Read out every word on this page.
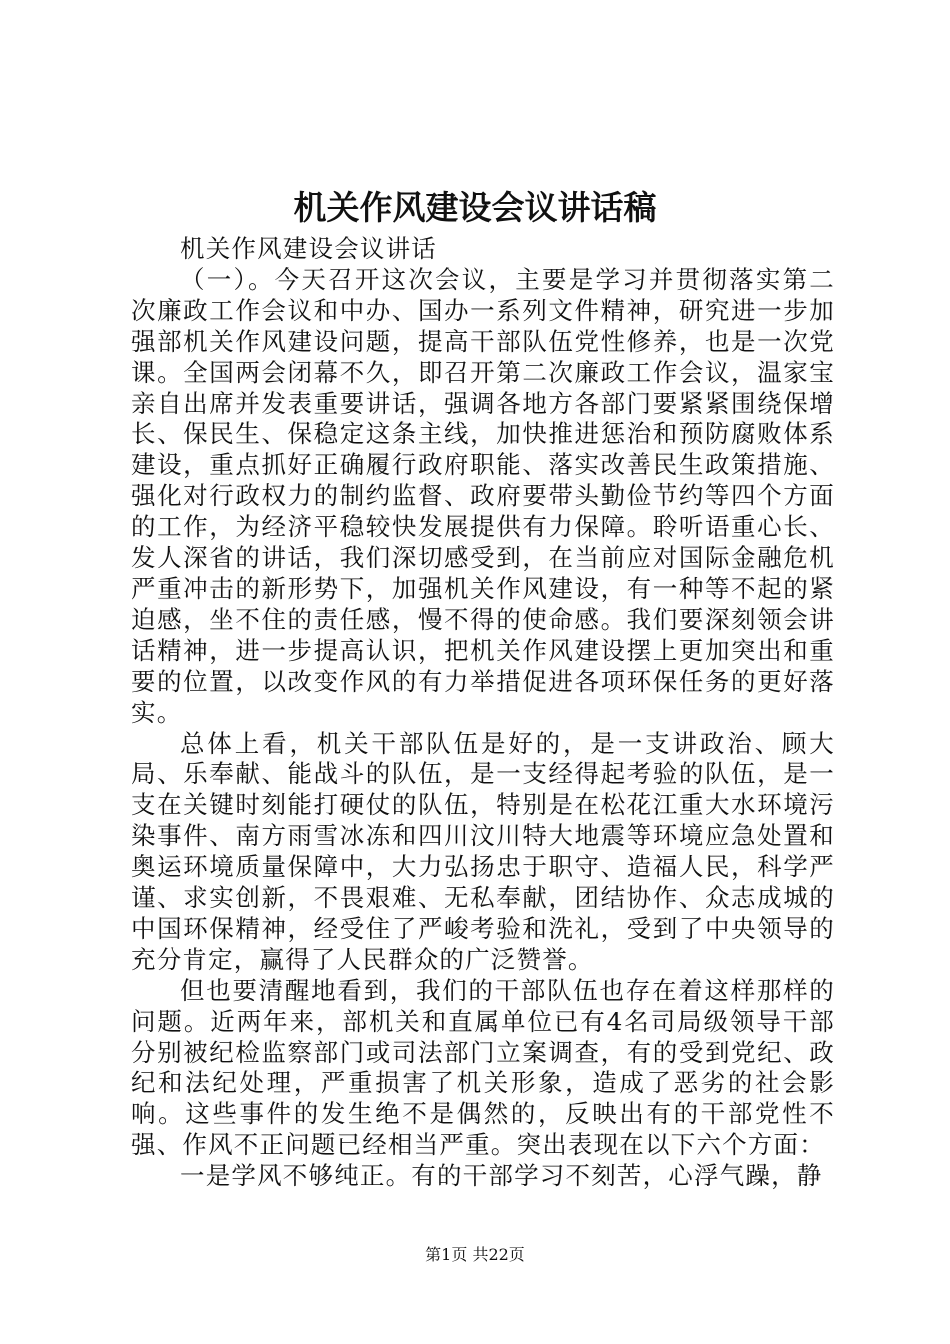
机关作风建设会议讲话稿

机关作风建设会议讲话

（一）。今天召开这次会议，主要是学习并贯彻落实第二次廉政工作会议和中办、国办一系列文件精神，研究进一步加强部机关作风建设问题，提高干部队伍党性修养，也是一次党课。全国两会闭幕不久，即召开第二次廉政工作会议，温家宝亲自出席并发表重要讲话，强调各地方各部门要紧紧围绕保增长、保民生、保稳定这条主线，加快推进惩治和预防腐败体系建设，重点抓好正确履行政府职能、落实改善民生政策措施、强化对行政权力的制约监督、政府要带头勤俭节约等四个方面的工作，为经济平稳较快发展提供有力保障。聆听语重心长、发人深省的讲话，我们深切感受到，在当前应对国际金融危机严重冲击的新形势下，加强机关作风建设，有一种等不起的紧迫感，坐不住的责任感，慢不得的使命感。我们要深刻领会讲话精神，进一步提高认识，把机关作风建设摆上更加突出和重要的位置，以改变作风的有力举措促进各项环保任务的更好落实。

总体上看，机关干部队伍是好的，是一支讲政治、顾大局、乐奉献、能战斗的队伍，是一支经得起考验的队伍，是一支在关键时刻能打硬仗的队伍，特别是在松花江重大水环境污染事件、南方雨雪冰冻和四川汶川特大地震等环境应急处置和奥运环境质量保障中，大力弘扬忠于职守、造福人民，科学严谨、求实创新，不畏艰难、无私奉献，团结协作、众志成城的中国环保精神，经受住了严峻考验和洗礼，受到了中央领导的充分肯定，赢得了人民群众的广泛赞誉。

但也要清醒地看到，我们的干部队伍也存在着这样那样的问题。近两年来，部机关和直属单位已有4名司局级领导干部分别被纪检监察部门或司法部门立案调查，有的受到党纪、政纪和法纪处理，严重损害了机关形象，造成了恶劣的社会影响。这些事件的发生绝不是偶然的，反映出有的干部党性不强、作风不正问题已经相当严重。突出表现在以下六个方面：

一是学风不够纯正。有的干部学习不刻苦，心浮气躁，静

第1页 共22页
